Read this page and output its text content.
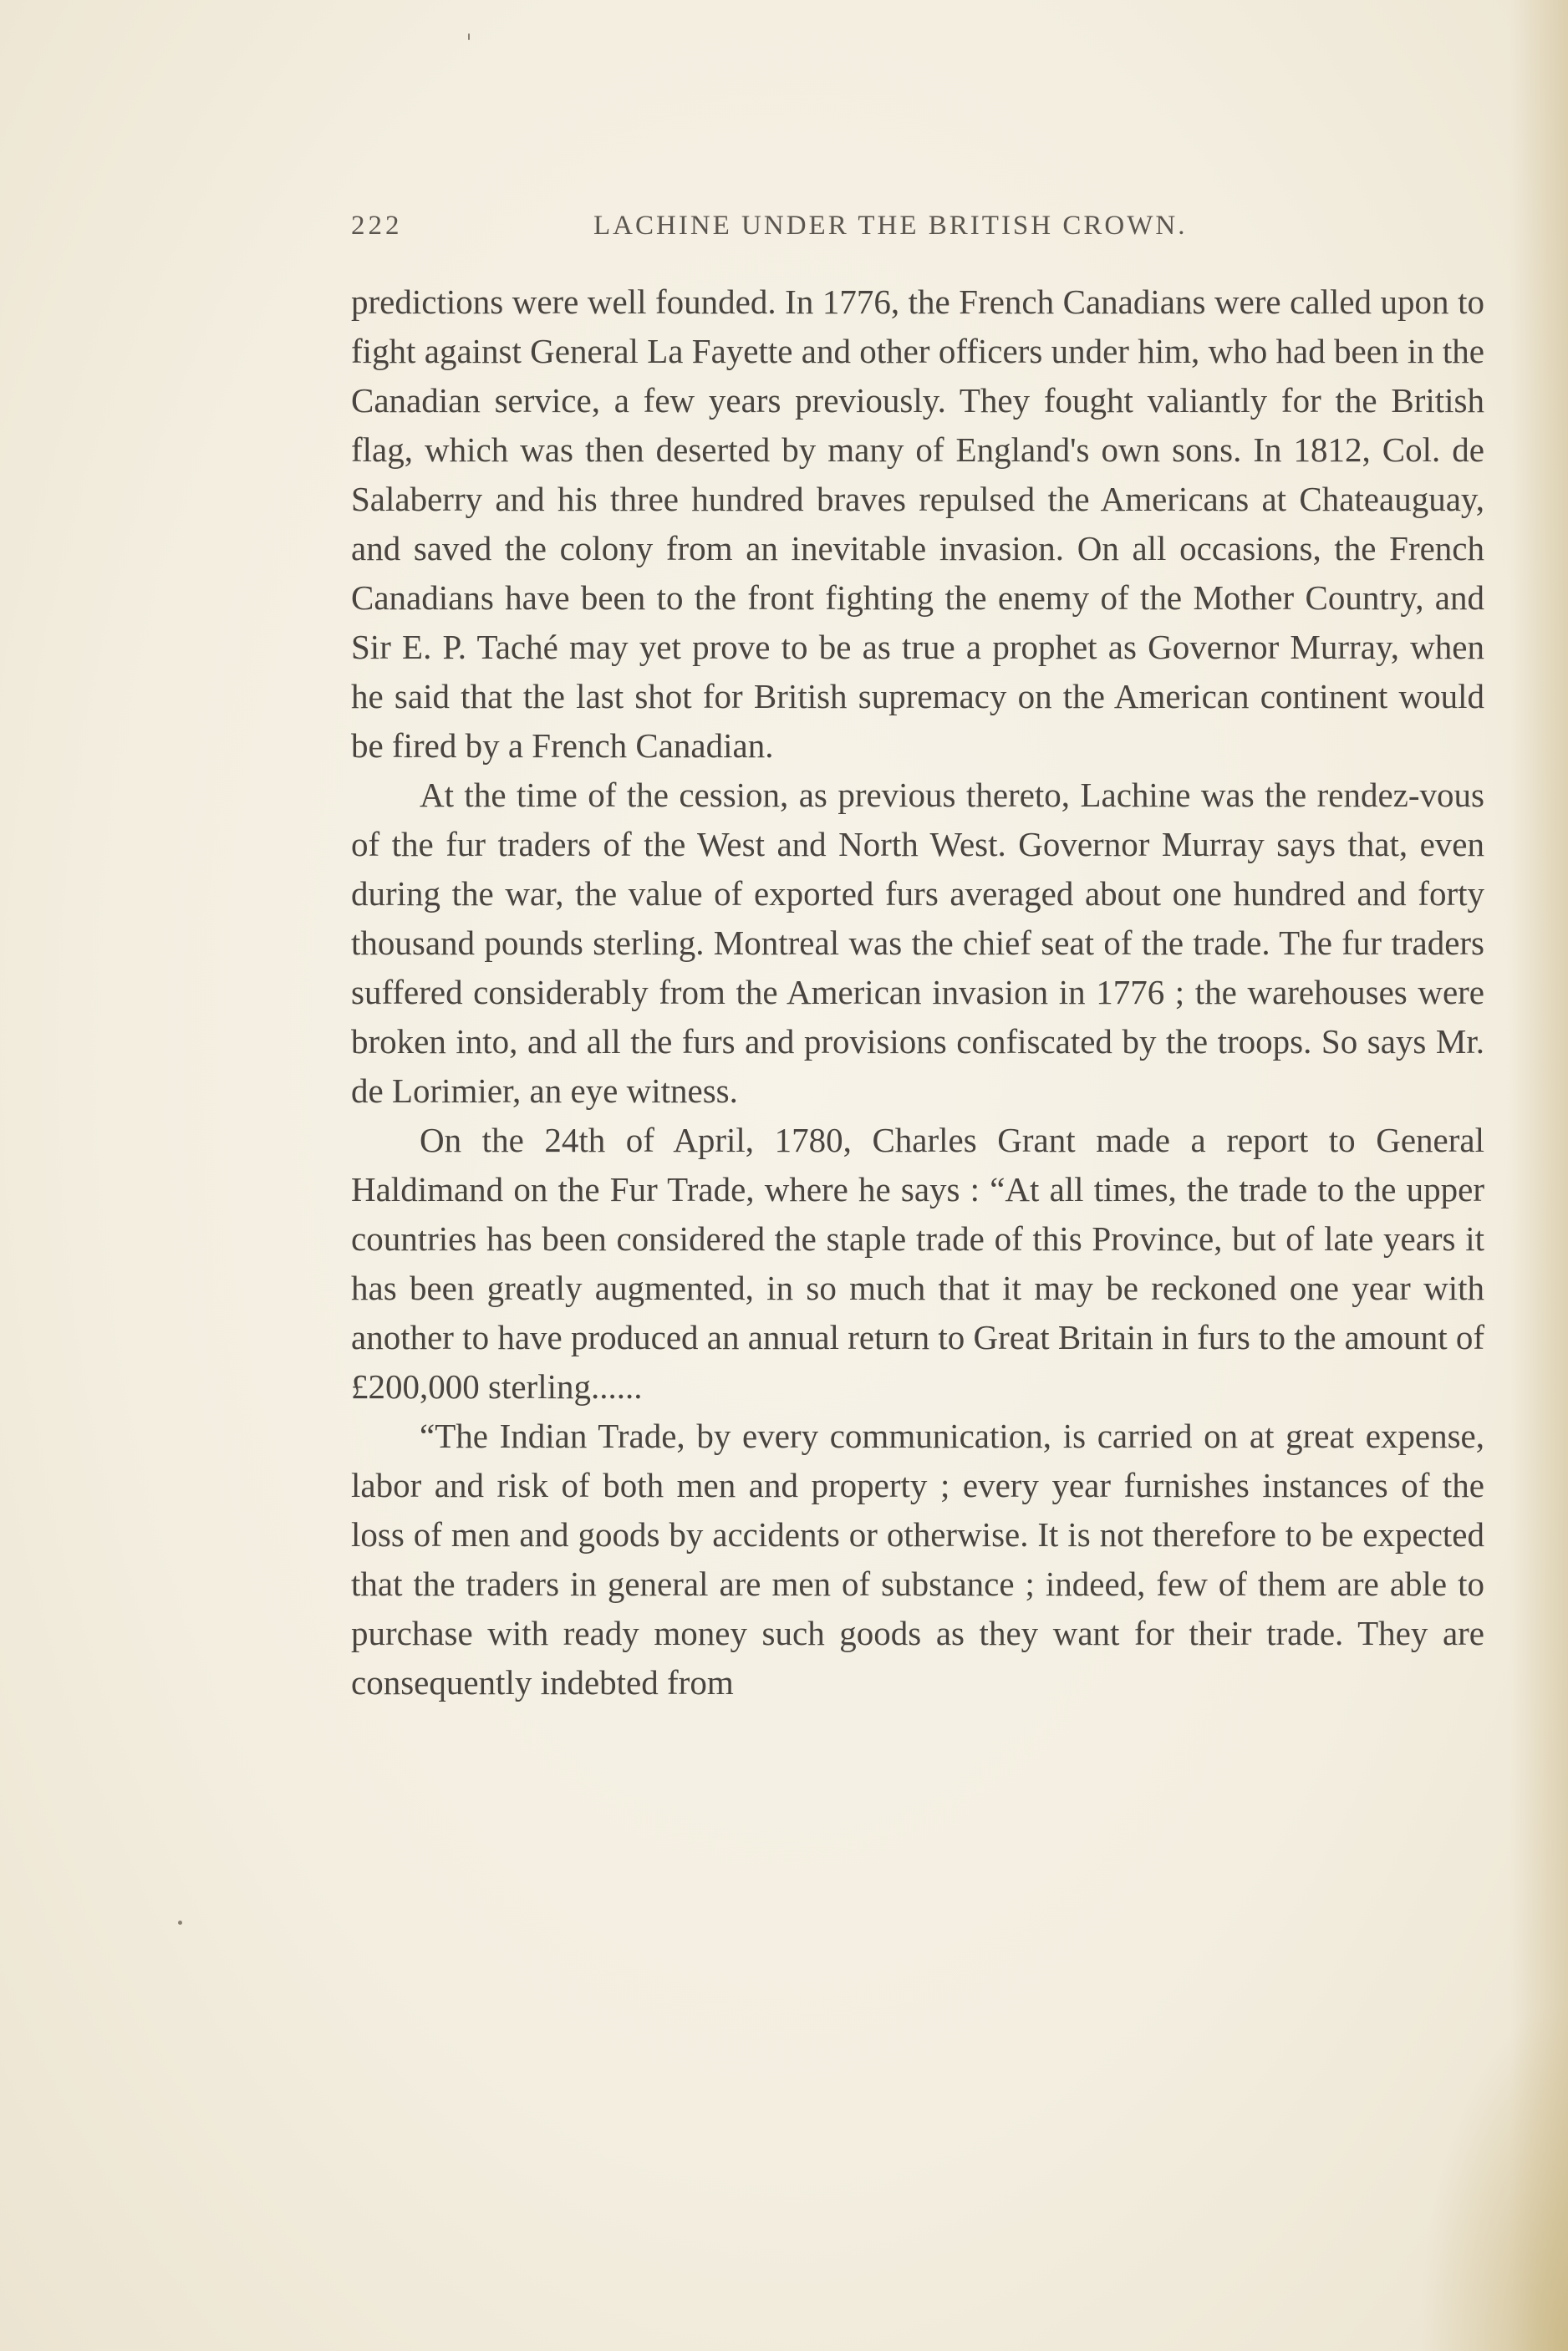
222	LACHINE UNDER THE BRITISH CROWN.

predictions were well founded. In 1776, the French Canadians were called upon to fight against General La Fayette and other officers under him, who had been in the Canadian service, a few years previously. They fought valiantly for the British flag, which was then deserted by many of England's own sons. In 1812, Col. de Salaberry and his three hundred braves repulsed the Americans at Chateauguay, and saved the colony from an inevitable invasion. On all occasions, the French Canadians have been to the front fighting the enemy of the Mother Country, and Sir E. P. Taché may yet prove to be as true a prophet as Governor Murray, when he said that the last shot for British supremacy on the American continent would be fired by a French Canadian.

At the time of the cession, as previous thereto, Lachine was the rendez-vous of the fur traders of the West and North West. Governor Murray says that, even during the war, the value of exported furs averaged about one hundred and forty thousand pounds sterling. Montreal was the chief seat of the trade. The fur traders suffered considerably from the American invasion in 1776 ; the warehouses were broken into, and all the furs and provisions confiscated by the troops. So says Mr. de Lorimier, an eye witness.

On the 24th of April, 1780, Charles Grant made a report to General Haldimand on the Fur Trade, where he says : “At all times, the trade to the upper countries has been considered the staple trade of this Province, but of late years it has been greatly augmented, in so much that it may be reckoned one year with another to have produced an annual return to Great Britain in furs to the amount of £200,000 sterling......

“The Indian Trade, by every communication, is carried on at great expense, labor and risk of both men and property ; every year furnishes instances of the loss of men and goods by accidents or otherwise. It is not therefore to be expected that the traders in general are men of substance ; indeed, few of them are able to purchase with ready money such goods as they want for their trade. They are consequently indebted from
